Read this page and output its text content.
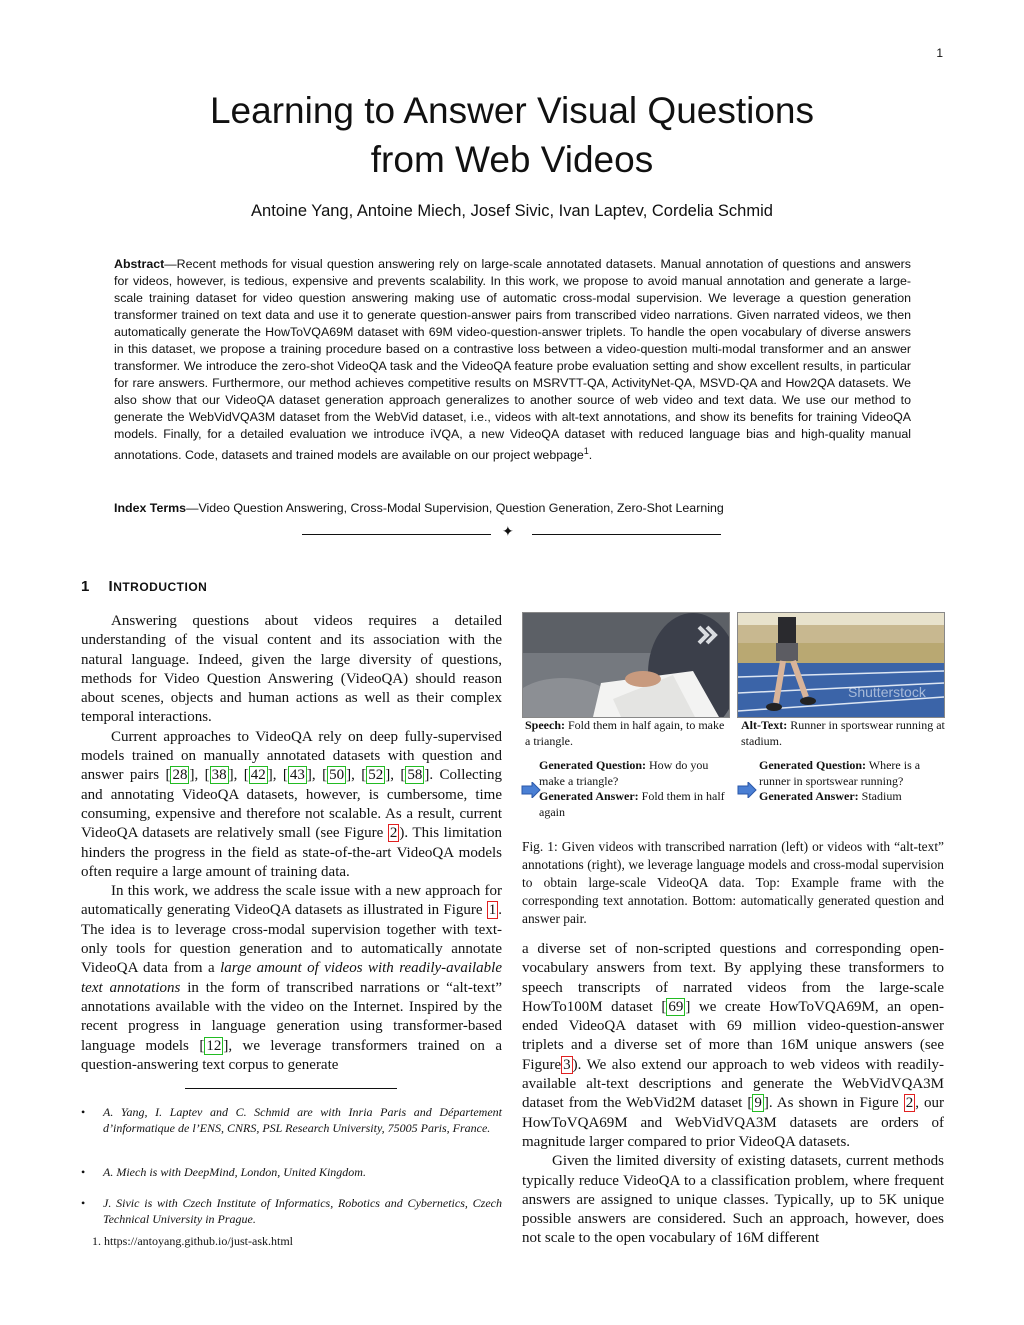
1
Learning to Answer Visual Questions
from Web Videos
Antoine Yang, Antoine Miech, Josef Sivic, Ivan Laptev, Cordelia Schmid
Abstract—Recent methods for visual question answering rely on large-scale annotated datasets. Manual annotation of questions and answers for videos, however, is tedious, expensive and prevents scalability. In this work, we propose to avoid manual annotation and generate a large-scale training dataset for video question answering making use of automatic cross-modal supervision. We leverage a question generation transformer trained on text data and use it to generate question-answer pairs from transcribed video narrations. Given narrated videos, we then automatically generate the HowToVQA69M dataset with 69M video-question-answer triplets. To handle the open vocabulary of diverse answers in this dataset, we propose a training procedure based on a contrastive loss between a video-question multi-modal transformer and an answer transformer. We introduce the zero-shot VideoQA task and the VideoQA feature probe evaluation setting and show excellent results, in particular for rare answers. Furthermore, our method achieves competitive results on MSRVTT-QA, ActivityNet-QA, MSVD-QA and How2QA datasets. We also show that our VideoQA dataset generation approach generalizes to another source of web video and text data. We use our method to generate the WebVidVQA3M dataset from the WebVid dataset, i.e., videos with alt-text annotations, and show its benefits for training VideoQA models. Finally, for a detailed evaluation we introduce iVQA, a new VideoQA dataset with reduced language bias and high-quality manual annotations. Code, datasets and trained models are available on our project webpage$^1$.
Index Terms—Video Question Answering, Cross-Modal Supervision, Question Generation, Zero-Shot Learning
✦
1 INTRODUCTION

Answering questions about videos requires a detailed understanding of the visual content and its association with the natural language. Indeed, given the large diversity of questions, methods for Video Question Answering (VideoQA) should reason about scenes, objects and human actions as well as their complex temporal interactions.

Current approaches to VideoQA rely on deep fully-supervised models trained on manually annotated datasets with question and answer pairs [ 28 ], [ 38 ], [ 42 ], [ 43 ], [ 50 ], [ 52 ], [ 58 ]. Collecting and annotating VideoQA datasets, however, is cumbersome, time consuming, expensive and therefore not scalable. As a result, current VideoQA datasets are relatively small (see Figure 2 ). This limitation hinders the progress in the field as state-of-the-art VideoQA models often require a large amount of training data.

In this work, we address the scale issue with a new approach for automatically generating VideoQA datasets as illustrated in Figure 1 . The idea is to leverage cross-modal supervision together with text-only tools for question generation and to automatically annotate VideoQA data from a large amount of videos with readily-available text annotations in the form of transcribed narrations or “alt-text” annotations available with the video on the Internet. Inspired by the recent progress in language generation using transformer-based language models [ 12 ], we leverage transformers trained on a question-answering text corpus to generate

• A. Yang, I. Laptev and C. Schmid are with Inria Paris and Département d’informatique de l’ENS, CNRS, PSL Research University, 75005 Paris, France.
• A. Miech is with DeepMind, London, United Kingdom.
• J. Sivic is with Czech Institute of Informatics, Robotics and Cybernetics, Czech Technical University in Prague.
1. https://antoyang.github.io/just-ask.html
Shutterstock
Speech: Fold them in half again, to make a triangle.
Alt-Text: Runner in sportswear running at stadium.
Generated Question: How do you make a triangle?
Generated Answer: Fold them in half again
Generated Question: Where is a runner in sportswear running?
Generated Answer: Stadium
Fig. 1: Given videos with transcribed narration (left) or videos with “alt-text” annotations (right), we leverage language models and cross-modal supervision to obtain large-scale VideoQA data. Top: Example frame with the corresponding text annotation. Bottom: automatically generated question and answer pair.

a diverse set of non-scripted questions and corresponding open-vocabulary answers from text. By applying these transformers to speech transcripts of narrated videos from the large-scale HowTo100M dataset [ 69 ] we create HowToVQA69M, an open-ended VideoQA dataset with 69 million video-question-answer triplets and a diverse set of more than 16M unique answers (see Figure 3 ). We also extend our approach to web videos with readily-available alt-text descriptions and generate the WebVidVQA3M dataset from the WebVid2M dataset [ 9 ]. As shown in Figure 2 , our HowToVQA69M and WebVidVQA3M datasets are orders of magnitude larger compared to prior VideoQA datasets.

Given the limited diversity of existing datasets, current methods typically reduce VideoQA to a classification problem, where frequent answers are assigned to unique classes. Typically, up to 5K unique possible answers are considered. Such an approach, however, does not scale to the open vocabulary of 16M different
